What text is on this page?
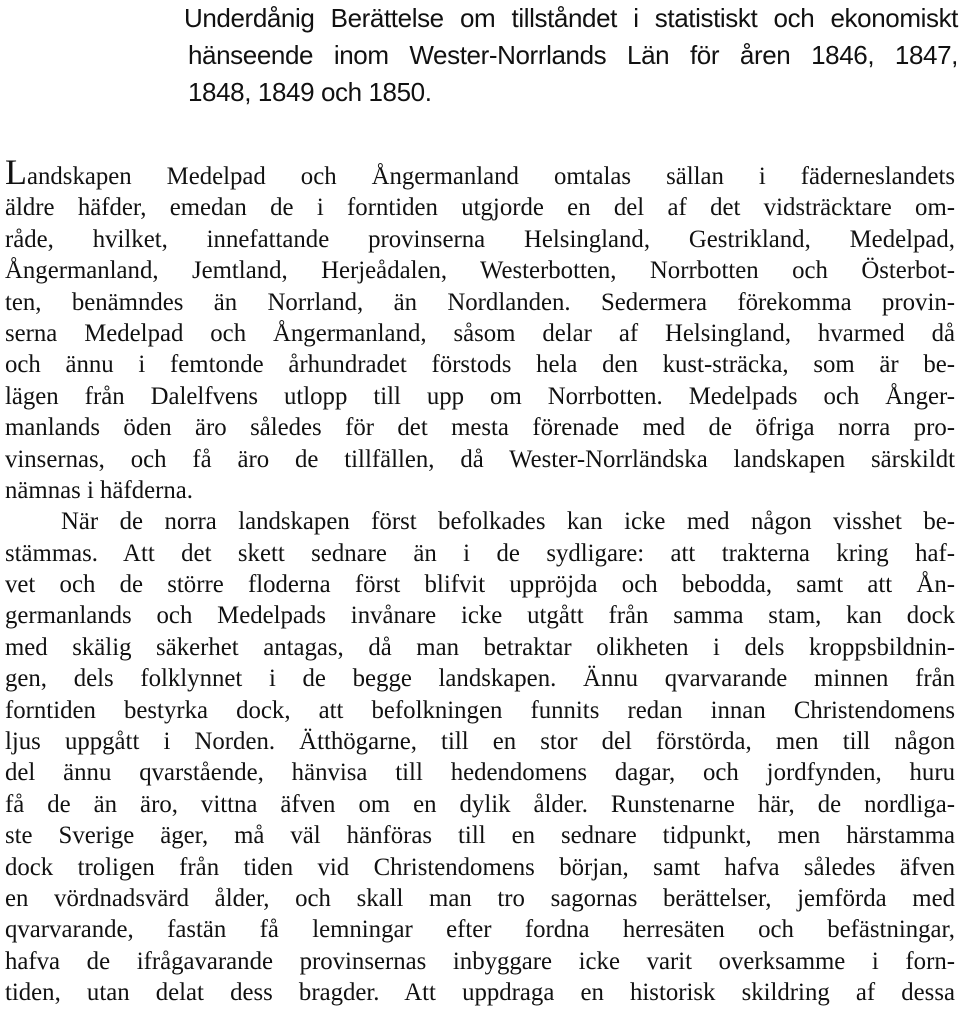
Underdånig Berättelse om tillståndet i statistiskt och ekonomiskt
hänseende inom Wester-Norrlands Län för åren 1846, 1847,
1848, 1849 och 1850.
Landskapen Medelpad och Ångermanland omtalas sällan i fäderneslandets
äldre häfder, emedan de i forntiden utgjorde en del af det vidsträcktare om-
råde, hvilket, innefattande provinserna Helsingland, Gestrikland, Medelpad,
Ångermanland, Jemtland, Herjeådalen, Westerbotten, Norrbotten och Österbot-
ten, benämndes än Norrland, än Nordlanden. Sedermera förekomma provin-
serna Medelpad och Ångermanland, såsom delar af Helsingland, hvarmed då
och ännu i femtonde århundradet förstods hela den kust-sträcka, som är be-
lägen från Dalelfvens utlopp till upp om Norrbotten. Medelpads och Ånger-
manlands öden äro således för det mesta förenade med de öfriga norra pro-
vinsernas, och få äro de tillfällen, då Wester-Norrländska landskapen särskildt
nämnas i häfderna.
När de norra landskapen först befolkades kan icke med någon visshet be-
stämmas. Att det skett sednare än i de sydligare: att trakterna kring haf-
vet och de större floderna först blifvit uppröjda och bebodda, samt att Ån-
germanlands och Medelpads invånare icke utgått från samma stam, kan dock
med skälig säkerhet antagas, då man betraktar olikheten i dels kroppsbildnin-
gen, dels folklynnet i de begge landskapen. Ännu qvarvarande minnen från
forntiden bestyrka dock, att befolkningen funnits redan innan Christendomens
ljus uppgått i Norden. Ätthögarne, till en stor del förstörda, men till någon
del ännu qvarstående, hänvisa till hedendomens dagar, och jordfynden, huru
få de än äro, vittna äfven om en dylik ålder. Runstenarne här, de nordliga-
ste Sverige äger, må väl hänföras till en sednare tidpunkt, men härstamma
dock troligen från tiden vid Christendomens början, samt hafva således äfven
en vördnadsvärd ålder, och skall man tro sagornas berättelser, jemförda med
qvarvarande, fastän få lemningar efter fordna herresäten och befästningar,
hafva de ifrågavarande provinsernas inbyggare icke varit overksamme i forn-
tiden, utan delat dess bragder. Att uppdraga en historisk skildring af dessa
